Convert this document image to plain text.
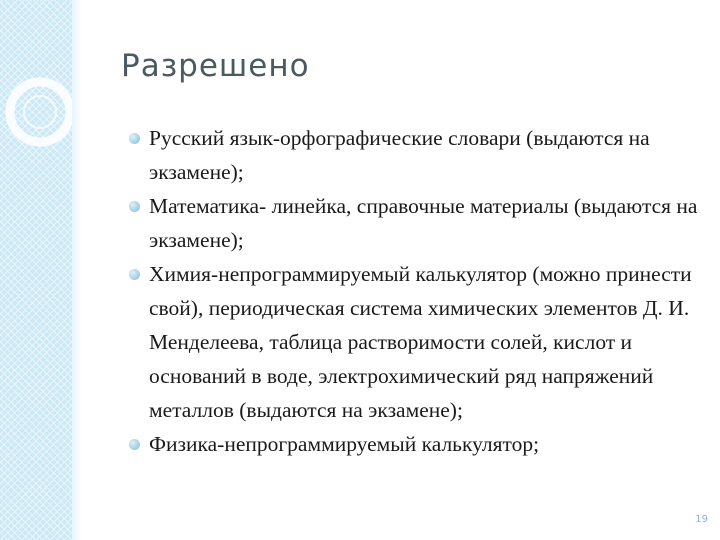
Разрешено
Русский язык-орфографические словари (выдаются на экзамене);
Математика- линейка, справочные материалы (выдаются на экзамене);
Химия-непрограммируемый калькулятор (можно принести свой), периодическая система химических элементов Д. И. Менделеева, таблица растворимости солей, кислот и оснований в воде, электрохимический ряд напряжений металлов (выдаются на экзамене);
Физика-непрограммируемый калькулятор;
19
